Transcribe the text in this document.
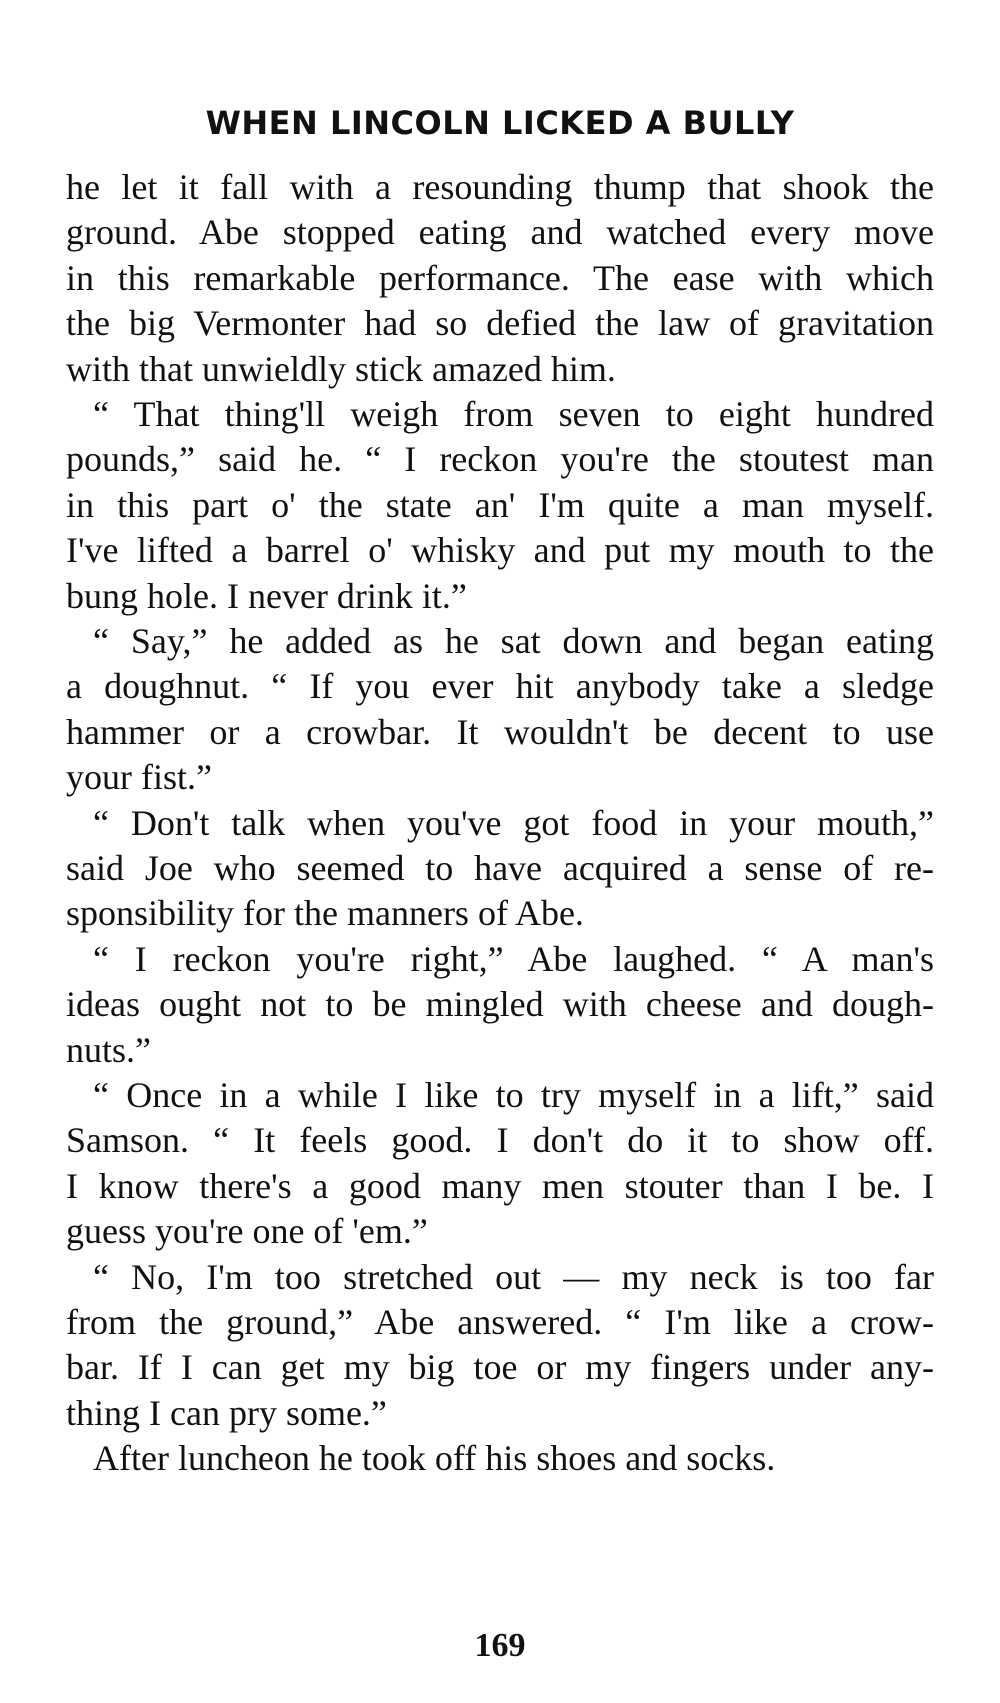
WHEN LINCOLN LICKED A BULLY
he let it fall with a resounding thump that shook the
ground. Abe stopped eating and watched every move
in this remarkable performance. The ease with which
the big Vermonter had so defied the law of gravitation
with that unwieldly stick amazed him.
“ That thing'll weigh from seven to eight hundred
pounds,” said he. “ I reckon you're the stoutest man
in this part o' the state an' I'm quite a man myself.
I've lifted a barrel o' whisky and put my mouth to the
bung hole. I never drink it.”
“ Say,” he added as he sat down and began eating
a doughnut. “ If you ever hit anybody take a sledge
hammer or a crowbar. It wouldn't be decent to use
your fist.”
“ Don't talk when you've got food in your mouth,”
said Joe who seemed to have acquired a sense of re-
sponsibility for the manners of Abe.
“ I reckon you're right,” Abe laughed. “ A man's
ideas ought not to be mingled with cheese and dough-
nuts.”
“ Once in a while I like to try myself in a lift,” said
Samson. “ It feels good. I don't do it to show off.
I know there's a good many men stouter than I be. I
guess you're one of 'em.”
“ No, I'm too stretched out — my neck is too far
from the ground,” Abe answered. “ I'm like a crow-
bar. If I can get my big toe or my fingers under any-
thing I can pry some.”
After luncheon he took off his shoes and socks.
169
